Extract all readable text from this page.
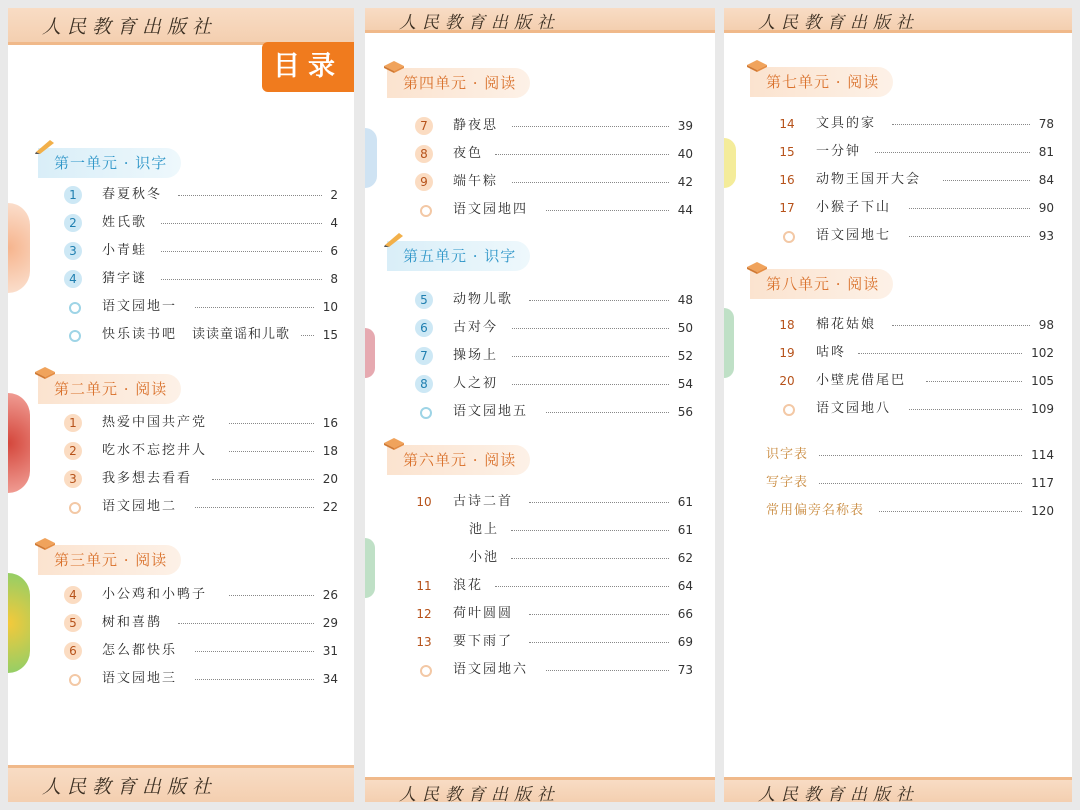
人民教育出版社
目录
第一单元 · 识字
1	春夏秋冬	2
2	姓氏歌	4
3	小青蛙	6
4	猜字谜	8
语文园地一	10
快乐读书吧 读读童谣和儿歌	15
第二单元 · 阅读
1	热爱中国共产党	16
2	吃水不忘挖井人	18
3	我多想去看看	20
语文园地二	22
第三单元 · 阅读
4	小公鸡和小鸭子	26
5	树和喜鹊	29
6	怎么都快乐	31
语文园地三	34
人民教育出版社
人民教育出版社
第四单元 · 阅读
7	静夜思	39
8	夜色	40
9	端午粽	42
语文园地四	44
第五单元 · 识字
5	动物儿歌	48
6	古对今	50
7	操场上	52
8	人之初	54
语文园地五	56
第六单元 · 阅读
10	古诗二首	61
池上	61
小池	62
11	浪花	64
12	荷叶圆圆	66
13	要下雨了	69
语文园地六	73
人民教育出版社
人民教育出版社
第七单元 · 阅读
14	文具的家	78
15	一分钟	81
16	动物王国开大会	84
17	小猴子下山	90
语文园地七	93
第八单元 · 阅读
18	棉花姑娘	98
19	咕咚	102
20	小壁虎借尾巴	105
语文园地八	109
识字表	114
写字表	117
常用偏旁名称表	120
人民教育出版社
